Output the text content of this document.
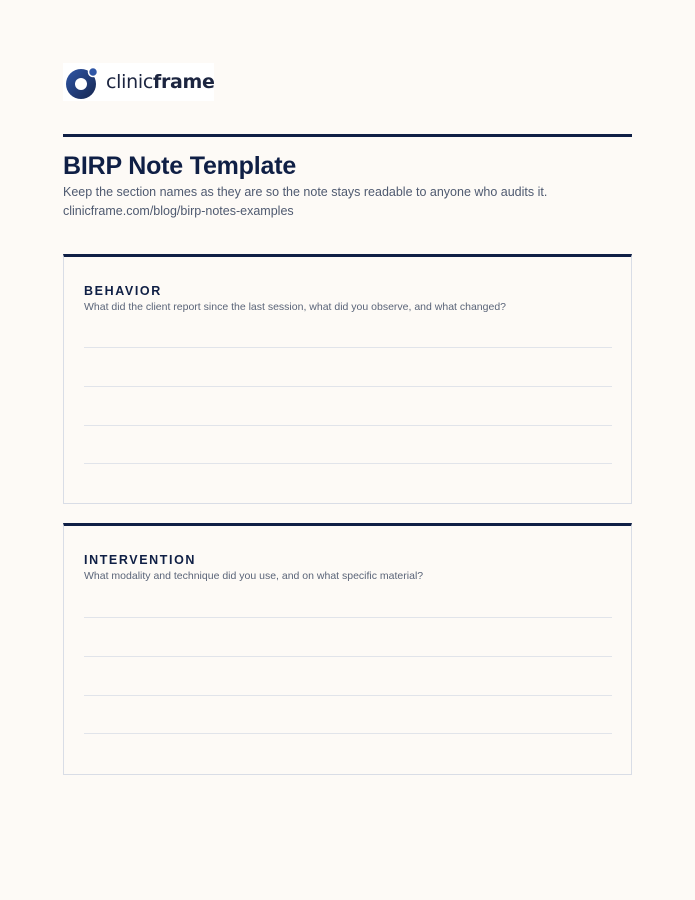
clinicframe
BIRP Note Template
Keep the section names as they are so the note stays readable to anyone who audits it.
clinicframe.com/blog/birp-notes-examples
BEHAVIOR
What did the client report since the last session, what did you observe, and what changed?
INTERVENTION
What modality and technique did you use, and on what specific material?
